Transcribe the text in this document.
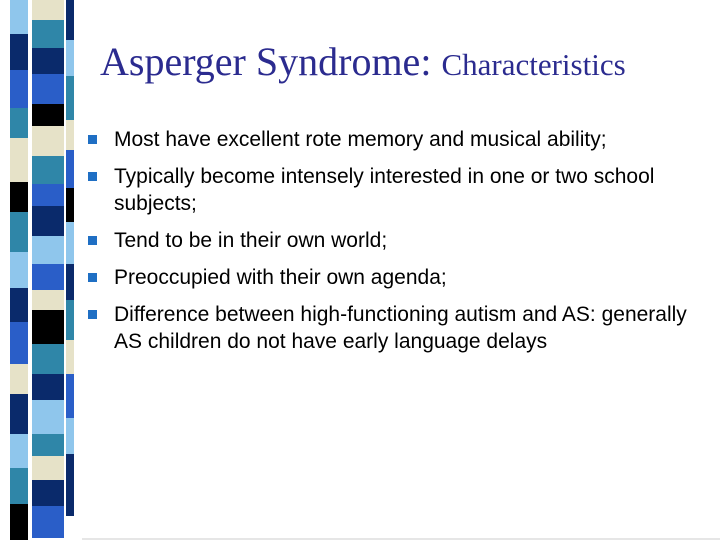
Asperger Syndrome: Characteristics
Most have excellent rote memory and musical ability;
Typically become intensely interested in one or two school subjects;
Tend to be in their own world;
Preoccupied with their own agenda;
Difference between high-functioning autism and AS: generally AS children do not have early language delays
